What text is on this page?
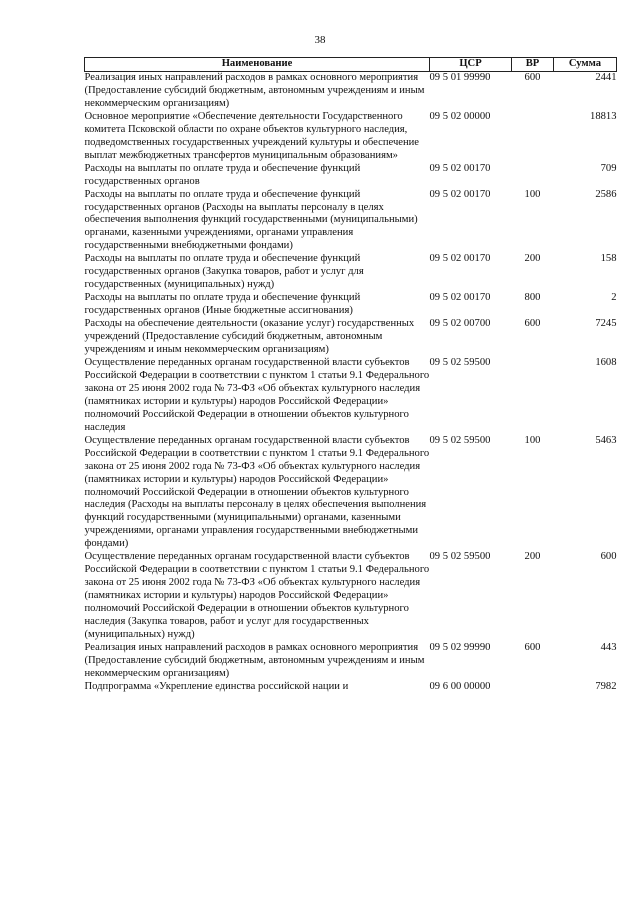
38
Наименование	ЦСР	ВР	Сумма
Реализация иных направлений расходов в рамках основного мероприятия (Предоставление субсидий бюджетным, автономным учреждениям и иным некоммерческим организациям)	09 5 01 99990	600	2441
Основное мероприятие «Обеспечение деятельности Государственного комитета Псковской области по охране объектов культурного наследия, подведомственных государственных учреждений культуры и обеспечение выплат межбюджетных трансфертов муниципальным образованиям»	09 5 02 00000		18813
Расходы на выплаты по оплате труда и обеспечение функций государственных органов	09 5 02 00170		709
Расходы на выплаты по оплате труда и обеспечение функций государственных органов (Расходы на выплаты персоналу в целях обеспечения выполнения функций государственными (муниципальными) органами, казенными учреждениями, органами управления государственными внебюджетными фондами)	09 5 02 00170	100	2586
Расходы на выплаты по оплате труда и обеспечение функций государственных органов (Закупка товаров, работ и услуг для государственных (муниципальных) нужд)	09 5 02 00170	200	158
Расходы на выплаты по оплате труда и обеспечение функций государственных органов (Иные бюджетные ассигнования)	09 5 02 00170	800	2
Расходы на обеспечение деятельности (оказание услуг) государственных учреждений (Предоставление субсидий бюджетным, автономным учреждениям и иным некоммерческим организациям)	09 5 02 00700	600	7245
Осуществление переданных органам государственной власти субъектов Российской Федерации в соответствии с пунктом 1 статьи 9.1 Федерального закона от 25 июня 2002 года № 73-ФЗ «Об объектах культурного наследия (памятниках истории и культуры) народов Российской Федерации» полномочий Российской Федерации в отношении объектов культурного наследия	09 5 02 59500		1608
Осуществление переданных органам государственной власти субъектов Российской Федерации в соответствии с пунктом 1 статьи 9.1 Федерального закона от 25 июня 2002 года № 73-ФЗ «Об объектах культурного наследия (памятниках истории и культуры) народов Российской Федерации» полномочий Российской Федерации в отношении объектов культурного наследия (Расходы на выплаты персоналу в целях обеспечения выполнения функций государственными (муниципальными) органами, казенными учреждениями, органами управления государственными внебюджетными фондами)	09 5 02 59500	100	5463
Осуществление переданных органам государственной власти субъектов Российской Федерации в соответствии с пунктом 1 статьи 9.1 Федерального закона от 25 июня 2002 года № 73-ФЗ «Об объектах культурного наследия (памятниках истории и культуры) народов Российской Федерации» полномочий Российской Федерации в отношении объектов культурного наследия (Закупка товаров, работ и услуг для государственных (муниципальных) нужд)	09 5 02 59500	200	600
Реализация иных направлений расходов в рамках основного мероприятия (Предоставление субсидий бюджетным, автономным учреждениям и иным некоммерческим организациям)	09 5 02 99990	600	443
Подпрограмма «Укрепление единства российской нации и	09 6 00 00000		7982
